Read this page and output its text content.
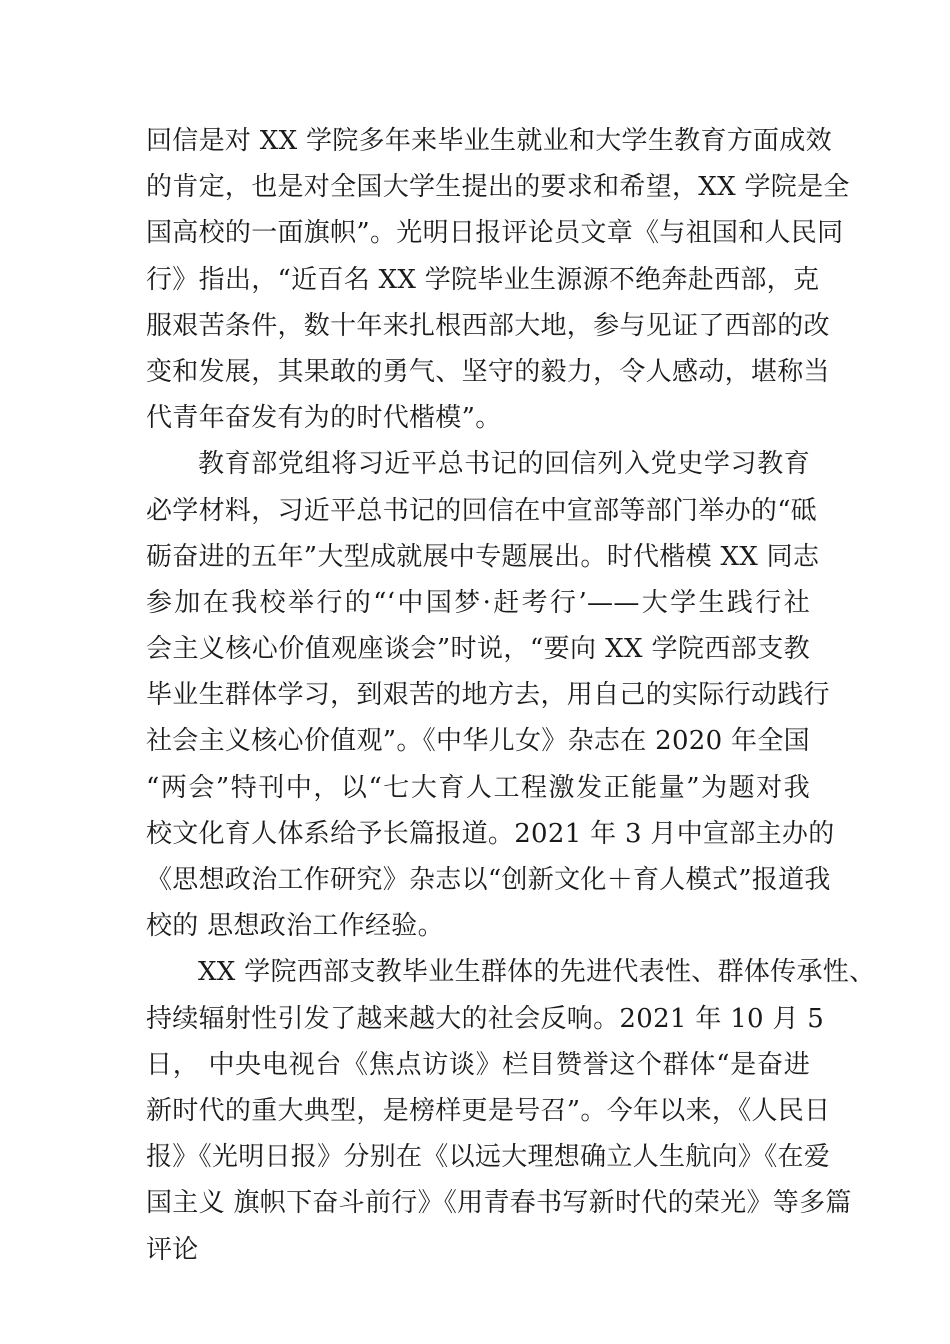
回信是对 XX 学院多年来毕业生就业和大学生教育方面成效
的肯定，也是对全国大学生提出的要求和希望，XX 学院是全
国高校的一面旗帜”。光明日报评论员文章《与祖国和人民同
行》指出，“近百名 XX 学院毕业生源源不绝奔赴西部，克
服艰苦条件，数十年来扎根西部大地，参与见证了西部的改
变和发展，其果敢的勇气、坚守的毅力，令人感动，堪称当
代青年奋发有为的时代楷模”。
教育部党组将习近平总书记的回信列入党史学习教育
必学材料，习近平总书记的回信在中宣部等部门举办的“砥
砺奋进的五年”大型成就展中专题展出。时代楷模 XX 同志
参加在我校举行的“‘中国梦·赶考行’——大学生践行社
会主义核心价值观座谈会”时说，“要向 XX 学院西部支教
毕业生群体学习，到艰苦的地方去，用自己的实际行动践行
社会主义核心价值观”。《中华儿女》杂志在 2020 年全国
“两会”特刊中，以“七大育人工程激发正能量”为题对我
校文化育人体系给予长篇报道。2021 年 3 月中宣部主办的
《思想政治工作研究》杂志以“创新文化＋育人模式”报道我
校的 思想政治工作经验。
XX 学院西部支教毕业生群体的先进代表性、群体传承性、
持续辐射性引发了越来越大的社会反响。2021 年 10 月 5
日， 中央电视台《焦点访谈》栏目赞誉这个群体“是奋进
新时代的重大典型，是榜样更是号召”。今年以来，《人民日
报》《光明日报》分别在《以远大理想确立人生航向》《在爱
国主义 旗帜下奋斗前行》《用青春书写新时代的荣光》等多篇
评论
